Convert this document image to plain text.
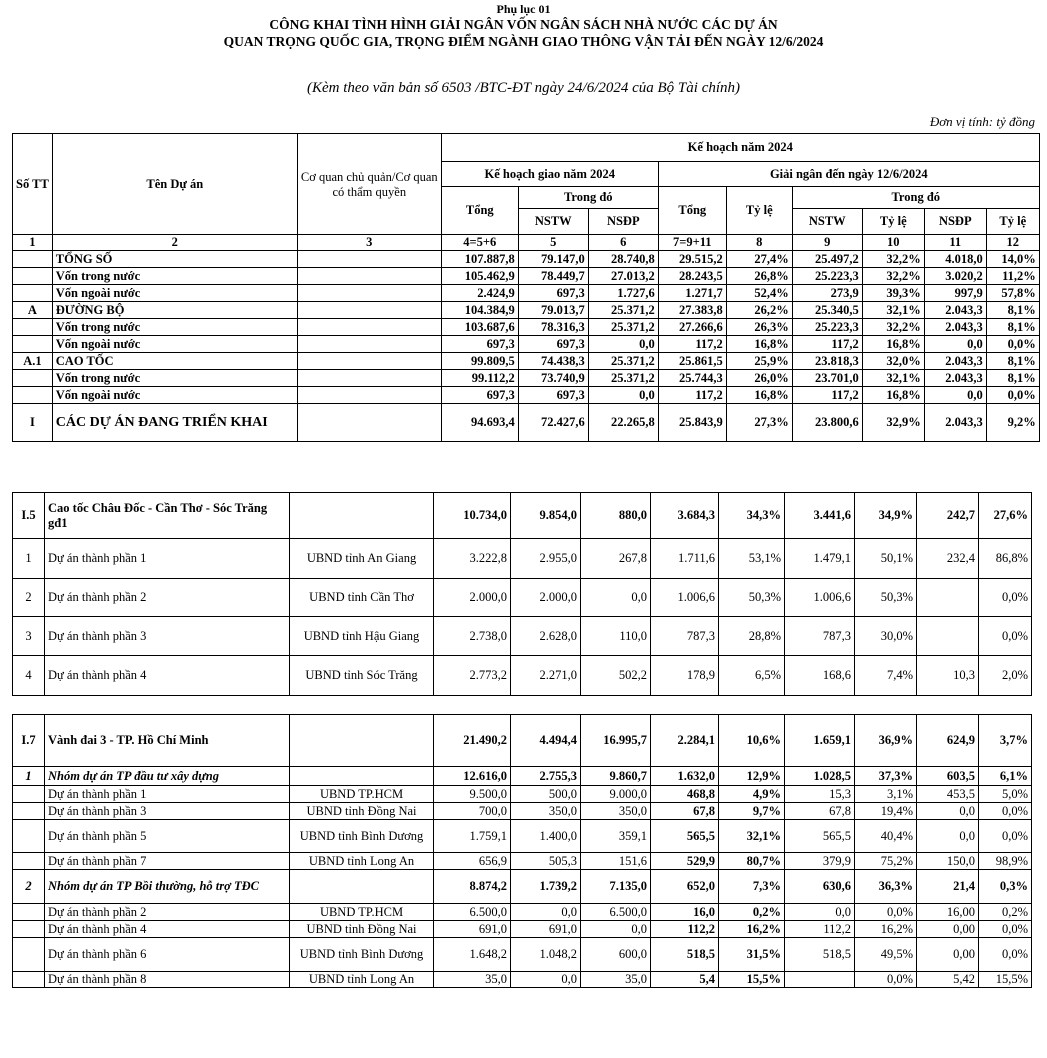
Phụ lục 01
CÔNG KHAI TÌNH HÌNH GIẢI NGÂN VỐN NGÂN SÁCH NHÀ NƯỚC CÁC DỰ ÁN
QUAN TRỌNG QUỐC GIA, TRỌNG ĐIỂM NGÀNH GIAO THÔNG VẬN TẢI ĐẾN NGÀY 12/6/2024
(Kèm theo văn bản số 6503 /BTC-ĐT ngày 24/6/2024 của Bộ Tài chính)
Đơn vị tính: tỷ đồng
Số TT	Tên Dự án	Cơ quan chủ quản/Cơ quan có thẩm quyền	Kế hoạch năm 2024								
			Kế hoạch giao năm 2024			Giải ngân đến ngày 12/6/2024					
			Tổng	Trong đó		Tổng	Tỷ lệ	Trong đó			
				NSTW	NSĐP			NSTW	Tỷ lệ	NSĐP	Tỷ lệ
1	2	3	4=5+6	5	6	7=9+11	8	9	10	11	12
	TỔNG SỐ		107.887,8	79.147,0	28.740,8	29.515,2	27,4%	25.497,2	32,2%	4.018,0	14,0%
	Vốn trong nước		105.462,9	78.449,7	27.013,2	28.243,5	26,8%	25.223,3	32,2%	3.020,2	11,2%
	Vốn ngoài nước		2.424,9	697,3	1.727,6	1.271,7	52,4%	273,9	39,3%	997,9	57,8%
A	ĐƯỜNG BỘ		104.384,9	79.013,7	25.371,2	27.383,8	26,2%	25.340,5	32,1%	2.043,3	8,1%
	Vốn trong nước		103.687,6	78.316,3	25.371,2	27.266,6	26,3%	25.223,3	32,2%	2.043,3	8,1%
	Vốn ngoài nước		697,3	697,3	0,0	117,2	16,8%	117,2	16,8%	0,0	0,0%
A.1	CAO TỐC		99.809,5	74.438,3	25.371,2	25.861,5	25,9%	23.818,3	32,0%	2.043,3	8,1%
	Vốn trong nước		99.112,2	73.740,9	25.371,2	25.744,3	26,0%	23.701,0	32,1%	2.043,3	8,1%
	Vốn ngoài nước		697,3	697,3	0,0	117,2	16,8%	117,2	16,8%	0,0	0,0%
I	CÁC DỰ ÁN ĐANG TRIỂN KHAI		94.693,4	72.427,6	22.265,8	25.843,9	27,3%	23.800,6	32,9%	2.043,3	9,2%
I.5	Cao tốc Châu Đốc - Cần Thơ - Sóc Trăng gđ1		10.734,0	9.854,0	880,0	3.684,3	34,3%	3.441,6	34,9%	242,7	27,6%
1	Dự án thành phần 1	UBND tỉnh An Giang	3.222,8	2.955,0	267,8	1.711,6	53,1%	1.479,1	50,1%	232,4	86,8%
2	Dự án thành phần 2	UBND tỉnh Cần Thơ	2.000,0	2.000,0	0,0	1.006,6	50,3%	1.006,6	50,3%		0,0%
3	Dự án thành phần 3	UBND tỉnh Hậu Giang	2.738,0	2.628,0	110,0	787,3	28,8%	787,3	30,0%		0,0%
4	Dự án thành phần 4	UBND tỉnh Sóc Trăng	2.773,2	2.271,0	502,2	178,9	6,5%	168,6	7,4%	10,3	2,0%
I.7	Vành đai 3 - TP. Hồ Chí Minh		21.490,2	4.494,4	16.995,7	2.284,1	10,6%	1.659,1	36,9%	624,9	3,7%
1	Nhóm dự án TP đầu tư xây dựng		12.616,0	2.755,3	9.860,7	1.632,0	12,9%	1.028,5	37,3%	603,5	6,1%
	Dự án thành phần 1	UBND TP.HCM	9.500,0	500,0	9.000,0	468,8	4,9%	15,3	3,1%	453,5	5,0%
	Dự án thành phần 3	UBND tỉnh Đồng Nai	700,0	350,0	350,0	67,8	9,7%	67,8	19,4%	0,0	0,0%
	Dự án thành phần 5	UBND tỉnh Bình Dương	1.759,1	1.400,0	359,1	565,5	32,1%	565,5	40,4%	0,0	0,0%
	Dự án thành phần 7	UBND tỉnh Long An	656,9	505,3	151,6	529,9	80,7%	379,9	75,2%	150,0	98,9%
2	Nhóm dự án TP Bồi thường, hỗ trợ TĐC		8.874,2	1.739,2	7.135,0	652,0	7,3%	630,6	36,3%	21,4	0,3%
	Dự án thành phần 2	UBND TP.HCM	6.500,0	0,0	6.500,0	16,0	0,2%	0,0	0,0%	16,00	0,2%
	Dự án thành phần 4	UBND tỉnh Đồng Nai	691,0	691,0	0,0	112,2	16,2%	112,2	16,2%	0,00	0,0%
	Dự án thành phần 6	UBND tỉnh Bình Dương	1.648,2	1.048,2	600,0	518,5	31,5%	518,5	49,5%	0,00	0,0%
	Dự án thành phần 8	UBND tỉnh Long An	35,0	0,0	35,0	5,4	15,5%		0,0%	5,42	15,5%
